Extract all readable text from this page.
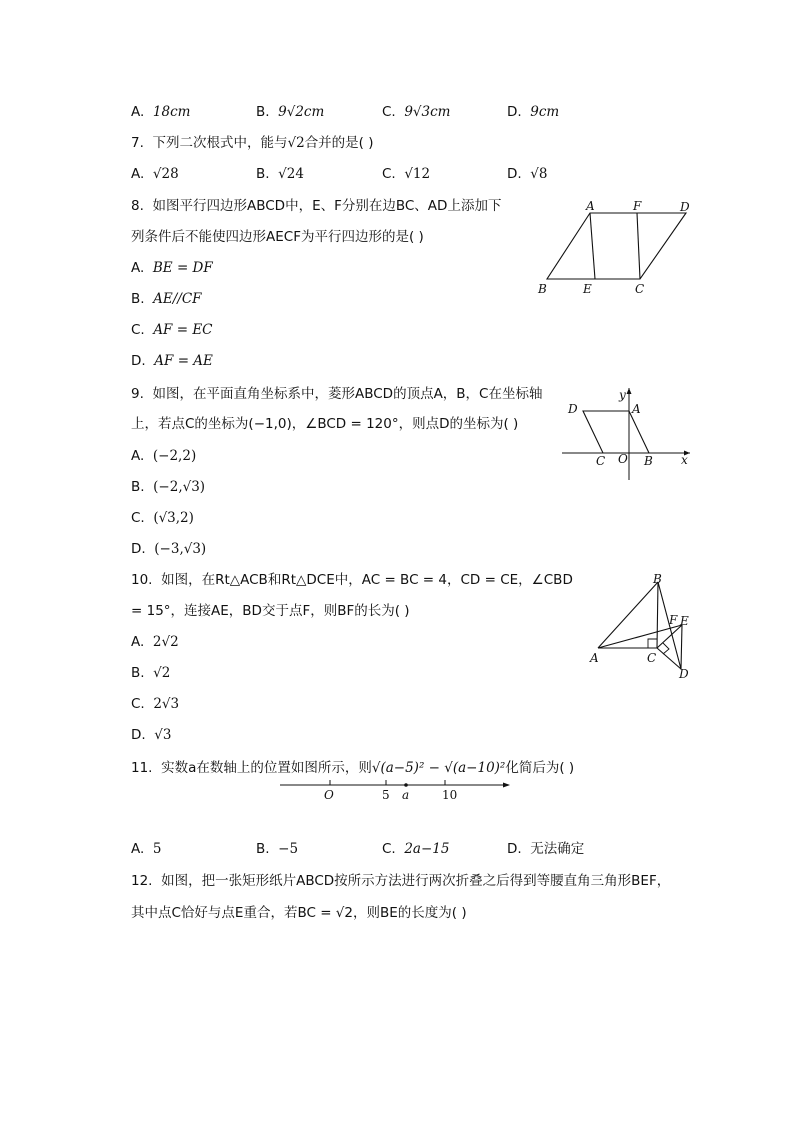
A. 18cm	B. 9√2cm	C. 9√3cm	D. 9cm
7. 下列二次根式中，能与√2合并的是( )
A. √28	B. √24	C. √12	D. √8
8. 如图平行四边形ABCD中，E、F分别在边BC、AD上添加下
列条件后不能使四边形AECF为平行四边形的是( )
A. BE = DF
B. AE//CF
C. AF = EC
D. AF = AE
A	F	D
B	E	C
9. 如图，在平面直角坐标系中，菱形ABCD的顶点A，B，C在坐标轴
上，若点C的坐标为(−1,0)，∠BCD = 120°，则点D的坐标为( )
A. (−2,2)
B. (−2,√3)
C. (√3,2)
D. (−3,√3)
y
D	A
C O B x
10. 如图，在Rt△ACB和Rt△DCE中，AC = BC = 4，CD = CE，∠CBD
= 15°，连接AE，BD交于点F，则BF的长为( )
A. 2√2
B. √2
C. 2√3
D. √3
B
F E
A	C
D
11. 实数a在数轴上的位置如图所示，则√(a−5)² − √(a−10)²化简后为( )
O	5 a	10
A. 5	B. −5	C. 2a−15	D. 无法确定
12. 如图，把一张矩形纸片ABCD按所示方法进行两次折叠之后得到等腰直角三角形BEF，
其中点C恰好与点E重合，若BC = √2，则BE的长度为( )
